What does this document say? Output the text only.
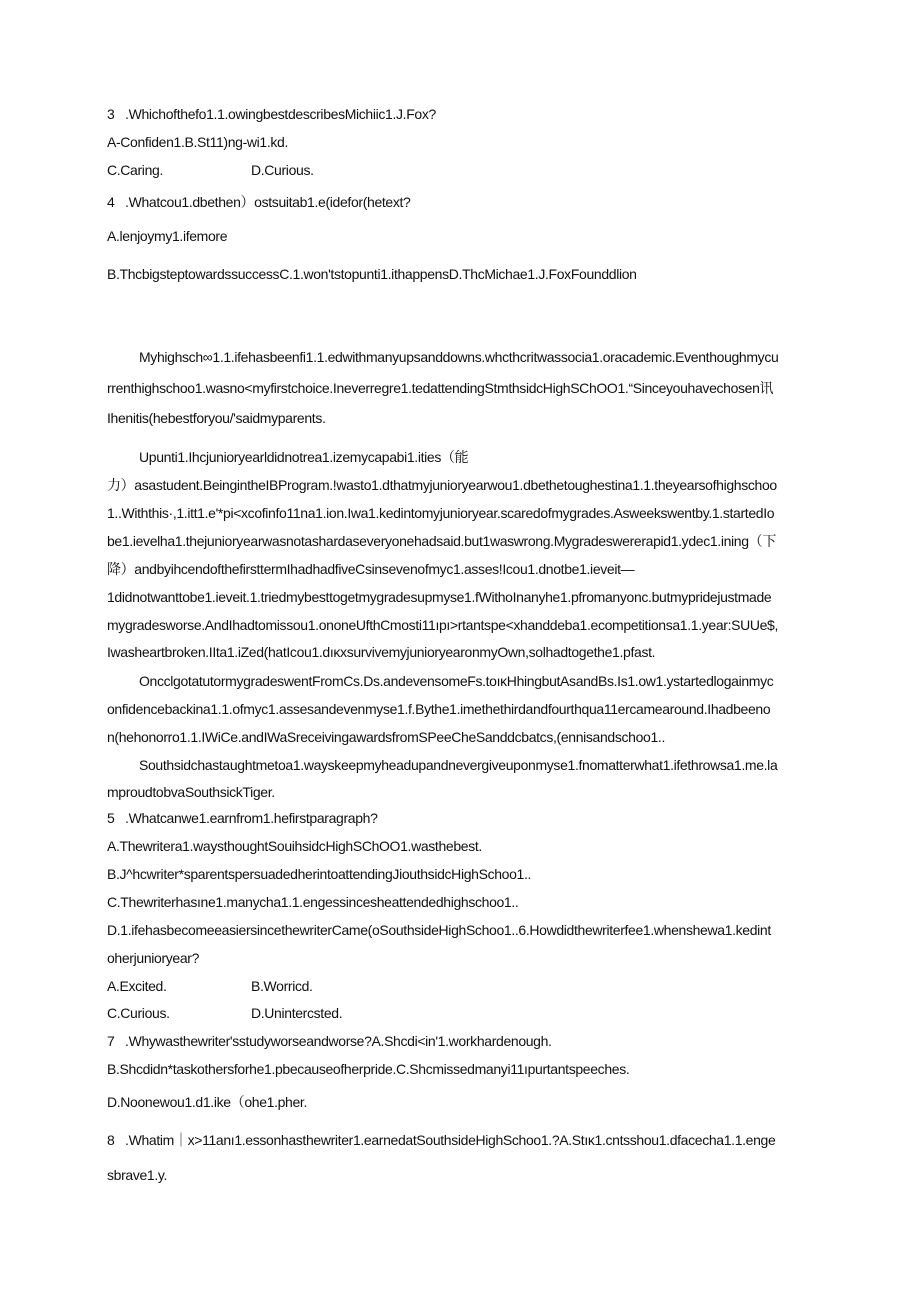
3   .Whichofthefo1.1.owingbestdescribesMichiic1.J.Fox?
A-Confiden1.B.St11)ng-wi1.kd.
C.Caring.	D.Curious.
4   .Whatcou1.dbethen）ostsuitab1.e(idefor(hetext?
A.lenjoymy1.ifemore
B.ThcbigsteptowardssuccessC.1.won'tstopunti1.ithappensD.ThcMichae1.J.FoxFounddlion
Myhighsch∞1.1.ifehasbeenfi1.1.edwithmanyupsanddowns.whcthcritwassocia1.oracademic.Eventhoughmycu
rrenthighschoo1.wasno<myfirstchoice.Ineverregre1.tedattendingStmthsidcHighSChOO1.“Sinceyouhavechosen讯
Ihenitis(hebestforyou/'saidmyparents.
Upunti1.Ihcjunioryearldidnotrea1.izemycapabi1.ities（能
力）asastudent.BeingintheIBProgram.!wasto1.dthatmyjunioryearwou1.dbethetoughestina1.1.theyearsofhighschoo
1..Withthis·,1.itt1.e'*pi<xcofinfo11na1.ion.Iwa1.kedintomyjunioryear.scaredofmygrades.Asweekswentby.1.startedIo
be1.ievelha1.thejunioryearwasnotashardaseveryonehadsaid.but1waswrong.Mygradeswererapid1.ydec1.ining（下
降）andbyihcendofthefirsttermIhadhadfiveCsinsevenofmyc1.asses!Icou1.dnotbe1.ieveit—
1didnotwanttobe1.ieveit.1.triedmybesttogetmygradesupmyse1.fWithoInanyhe1.pfromanyonc.butmypridejustmade
mygradesworse.AndIhadtomissou1.ononeUfthCmosti11ıpı>rtantspe<xhanddeba1.ecompetitionsa1.1.year:SUUe$,
Iwasheartbroken.IIta1.iZed(hatIcou1.dıκxsurvivemyjunioryearonmyOwn,solhadtogethe1.pfast.
OncclgotatutormygradeswentFromCs.Ds.andevensomeFs.toıκHhingbutAsandBs.Is1.ow1.ystartedlogainmyc
onfidencebackina1.1.ofmyc1.assesandevenmyse1.f.Bythe1.imethethirdandfourthqua11ercamearound.Ihadbeeno
n(hehonorro1.1.IWiCe.andIWaSreceivingawardsfromSPeeCheSanddcbatcs,(ennisandschoo1..
Southsidchastaughtmetoa1.wayskeepmyheadupandnevergiveuponmyse1.fnomatterwhat1.ifethrowsa1.me.la
mproudtobvaSouthsickTiger.
5   .Whatcanwe1.earnfrom1.hefirstparagraph?
A.Thewritera1.waysthoughtSouihsidcHighSChOO1.wasthebest.
B.J^hcwriter*sparentspersuadedherintoattendingJiouthsidcHighSchoo1..
C.Thewriterhasıne1.manycha1.1.engessincesheattendedhighschoo1..
D.1.ifehasbecomeeasiersincethewriterCame(oSouthsideHighSchoo1..6.Howdidthewriterfee1.whenshewa1.kedint
oherjunioryear?
A.Excited.	B.Worricd.
C.Curious.	D.Unintercsted.
7   .Whywasthewriter'sstudyworseandworse?A.Shcdi<in'1.workhardenough.
B.Shcdidn*taskothersforhe1.pbecauseofherpride.C.Shcmissedmanyi11ıpurtantspeeches.
D.Noonewou1.d1.ike（ohe1.pher.
8   .Whatim｜x>11anı1.essonhasthewriter1.earnedatSouthsideHighSchoo1.?A.Stıκ1.cntsshou1.dfacecha1.1.enge
sbrave1.y.
